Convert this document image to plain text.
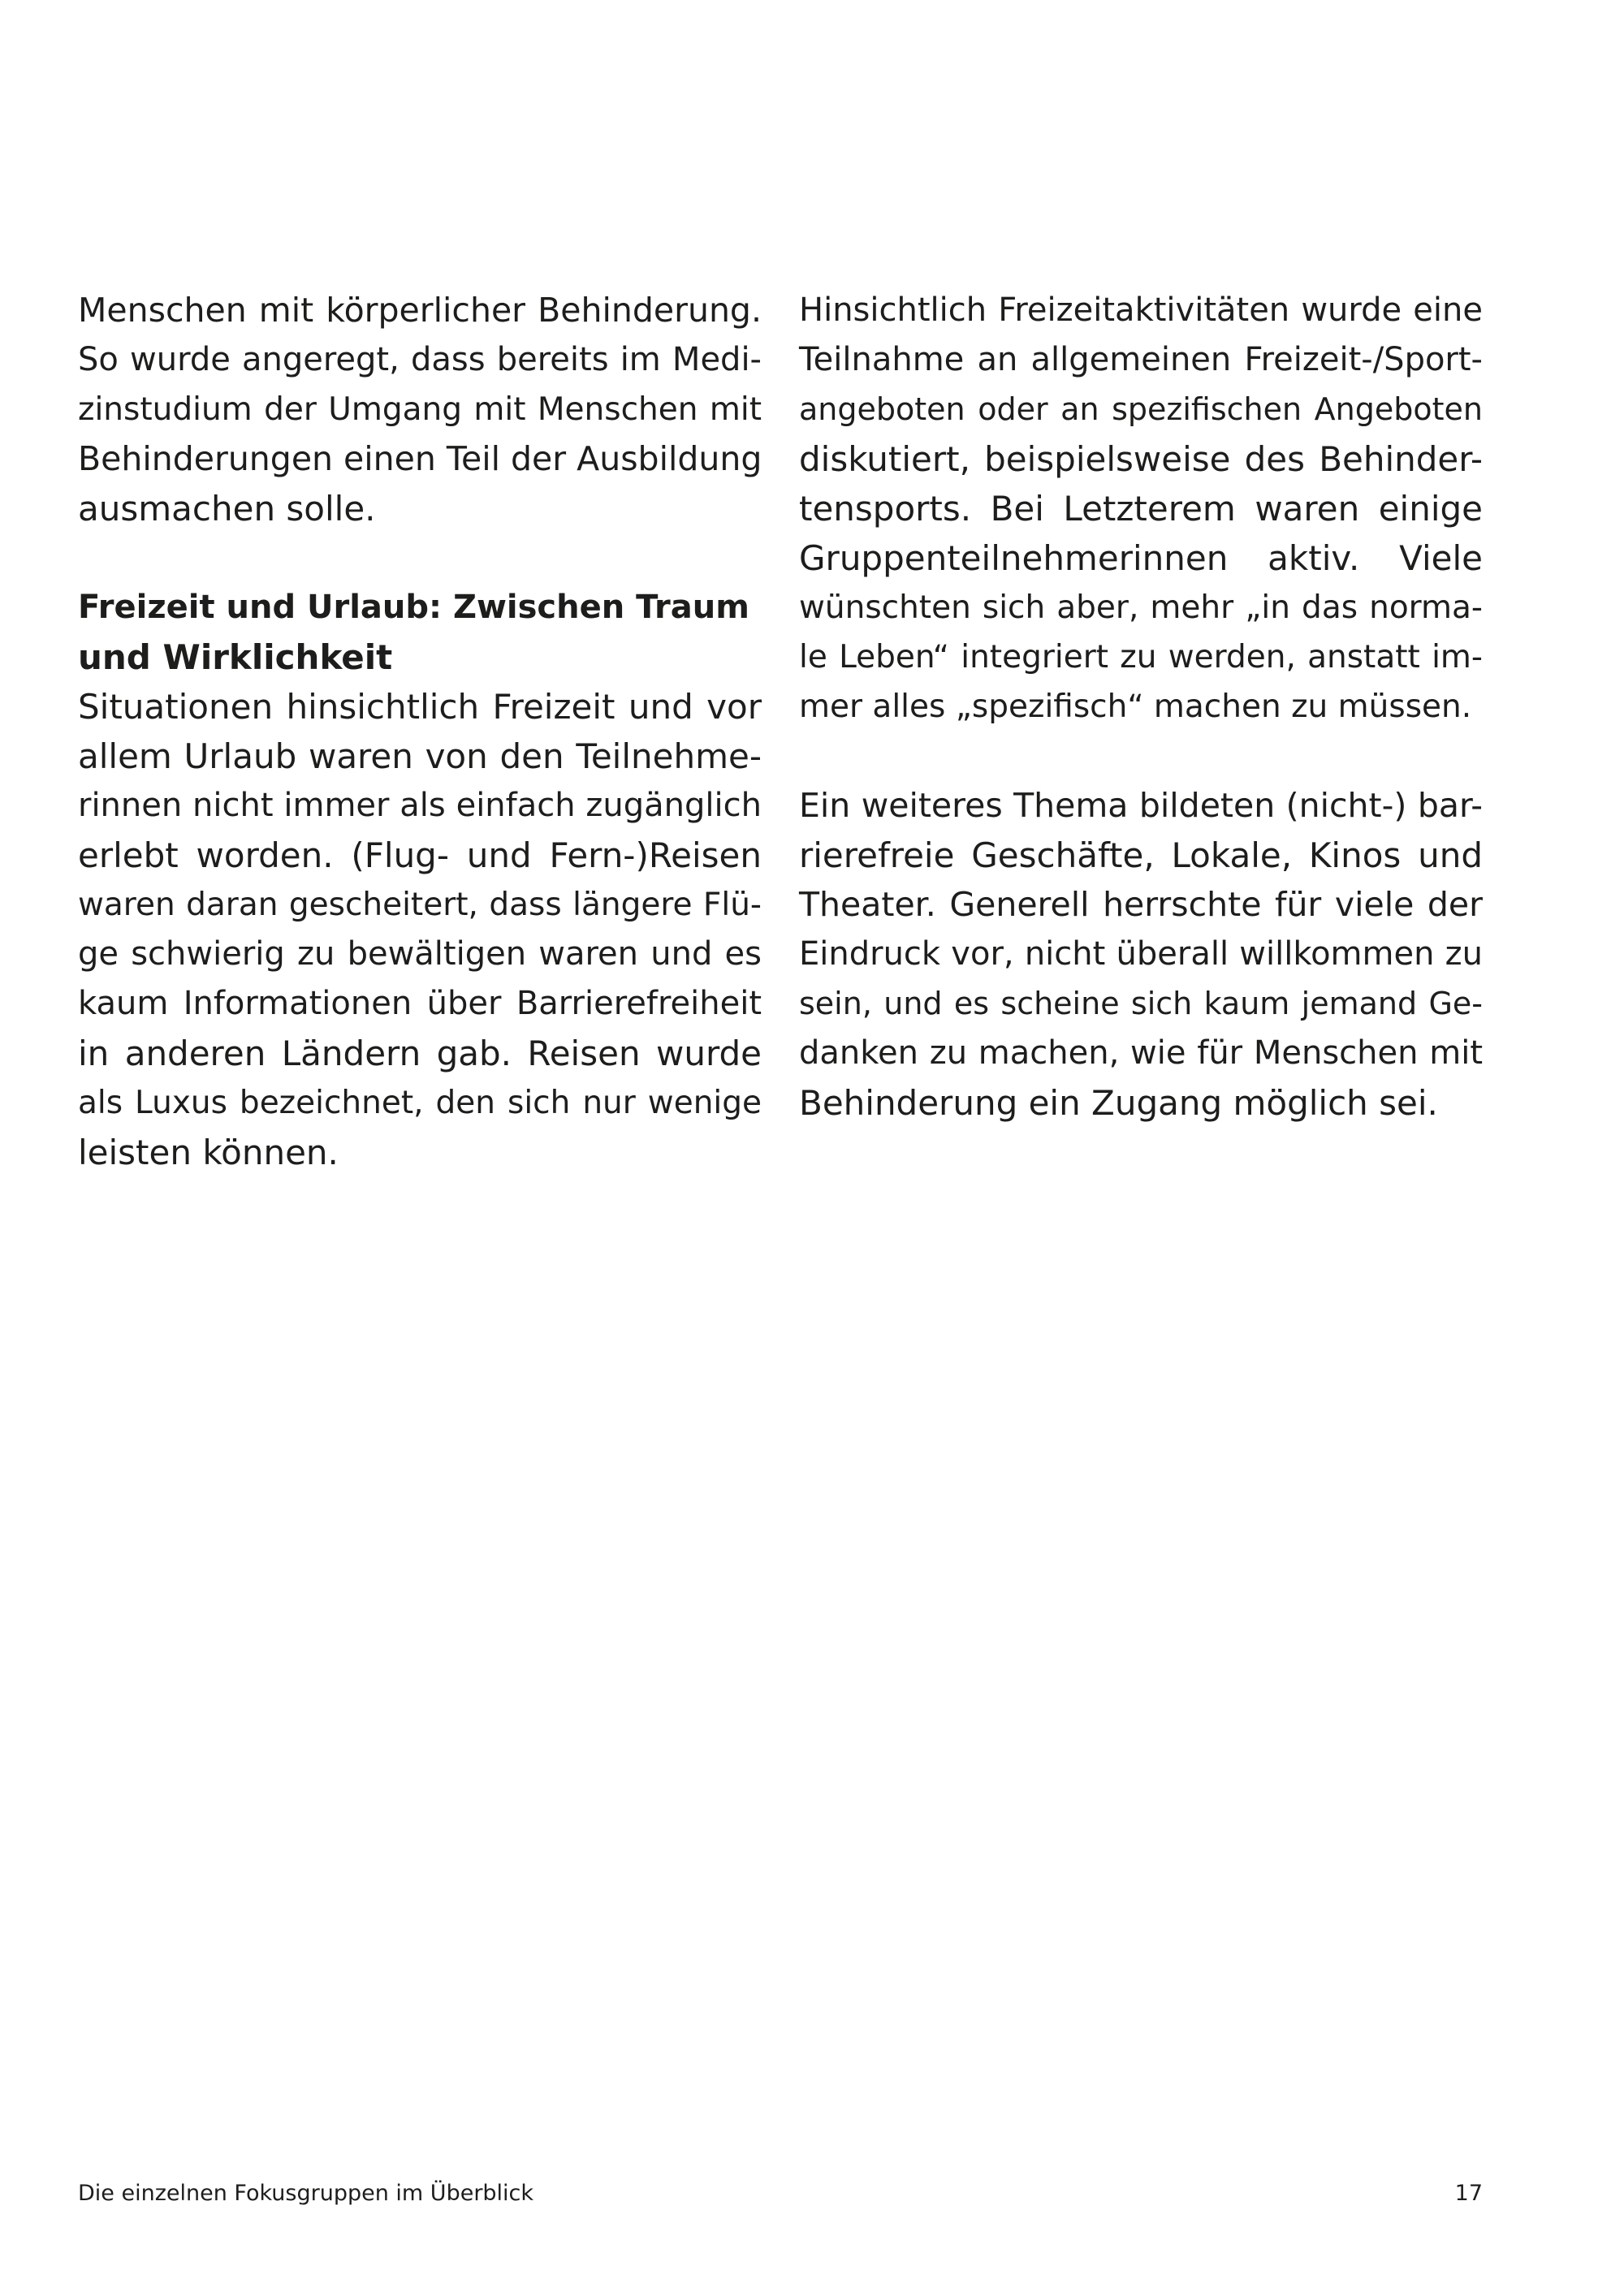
Menschen mit körperlicher Behinderung.
So wurde angeregt, dass bereits im Medi-
zinstudium der Umgang mit Menschen mit
Behinderungen einen Teil der Ausbildung
ausmachen solle.
Freizeit und Urlaub: Zwischen Traum
und Wirklichkeit
Situationen hinsichtlich Freizeit und vor
allem Urlaub waren von den Teilnehme-
rinnen nicht immer als einfach zugänglich
erlebt worden. (Flug- und Fern-)Reisen
waren daran gescheitert, dass längere Flü-
ge schwierig zu bewältigen waren und es
kaum Informationen über Barrierefreiheit
in anderen Ländern gab. Reisen wurde
als Luxus bezeichnet, den sich nur wenige
leisten können.
Hinsichtlich Freizeitaktivitäten wurde eine
Teilnahme an allgemeinen Freizeit-/Sport-
angeboten oder an spezifischen Angeboten
diskutiert, beispielsweise des Behinder-
tensports. Bei Letzterem waren einige
Gruppenteilnehmerinnen aktiv. Viele
wünschten sich aber, mehr „in das norma-
le Leben“ integriert zu werden, anstatt im-
mer alles „spezifisch“ machen zu müssen.
Ein weiteres Thema bildeten (nicht-) bar-
rierefreie Geschäfte, Lokale, Kinos und
Theater. Generell herrschte für viele der
Eindruck vor, nicht überall willkommen zu
sein, und es scheine sich kaum jemand Ge-
danken zu machen, wie für Menschen mit
Behinderung ein Zugang möglich sei.
Die einzelnen Fokusgruppen im Überblick	17
